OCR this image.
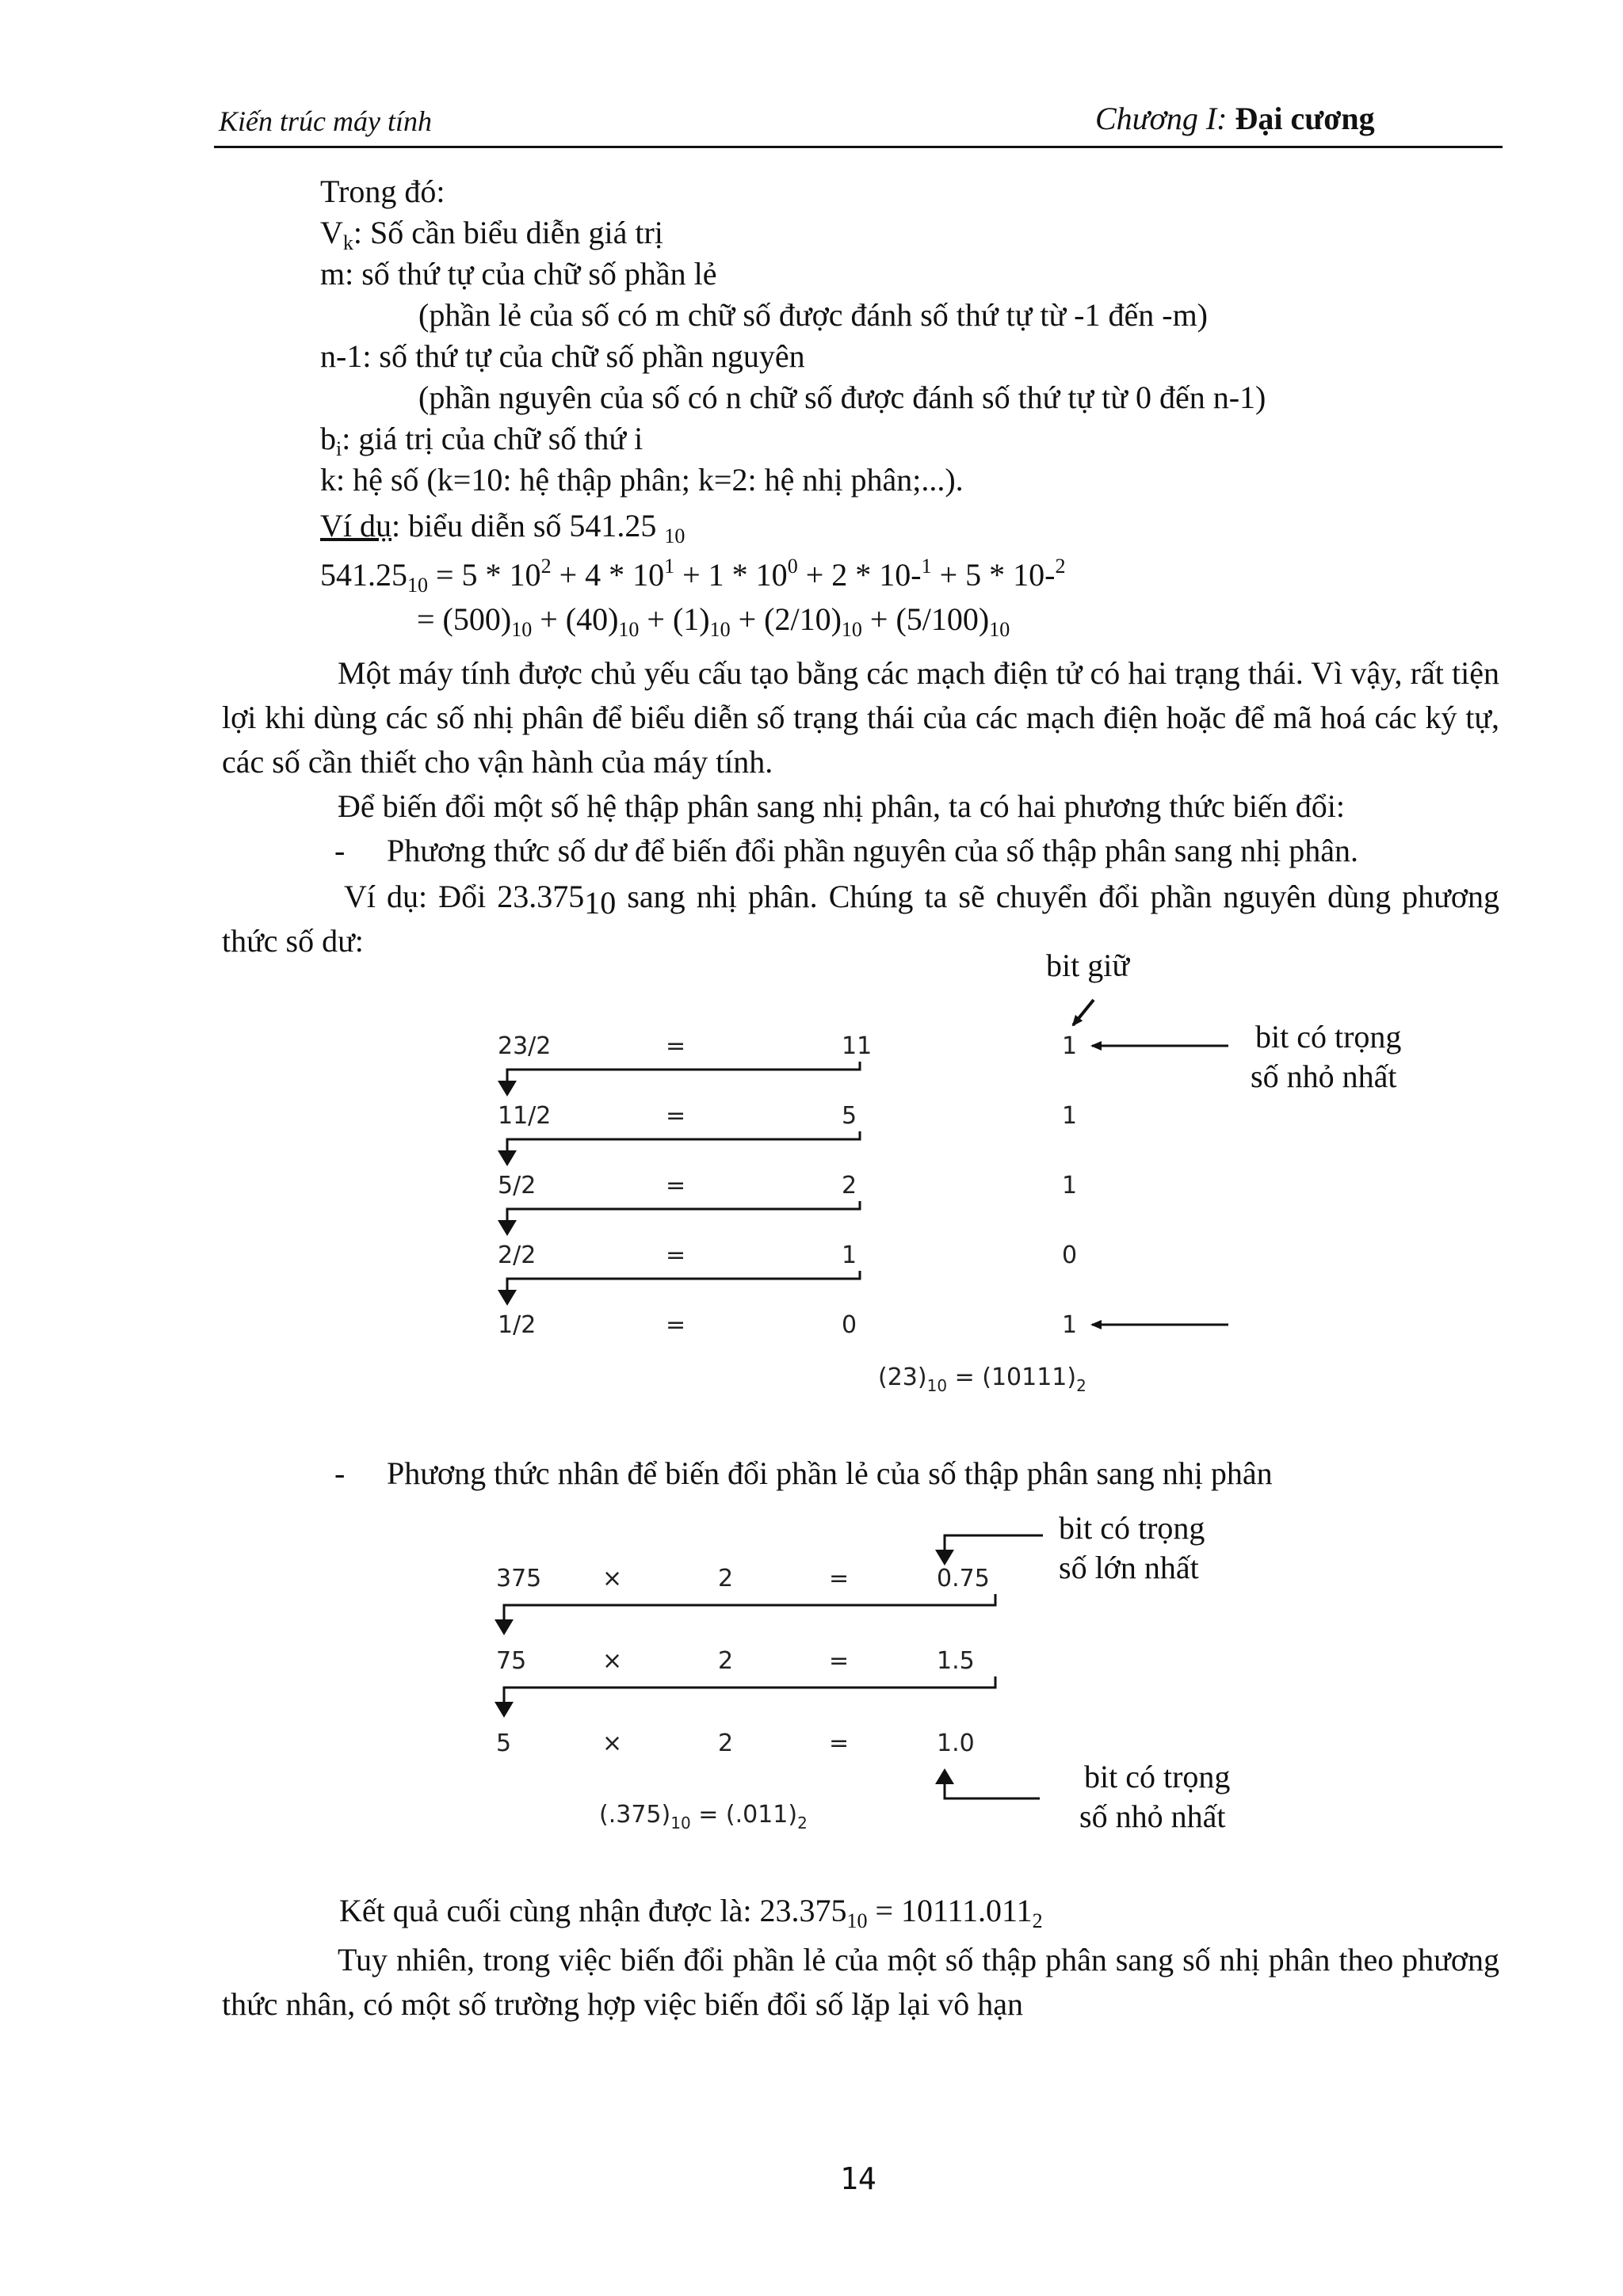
Kiến trúc máy tính	Chương I: Đại cương
Trong đó:
$V_k$: Số cần biểu diễn giá trị
m: số thứ tự của chữ số phần lẻ
(phần lẻ của số có m chữ số được đánh số thứ tự từ -1 đến -m)
n-1: số thứ tự của chữ số phần nguyên
(phần nguyên của số có n chữ số được đánh số thứ tự từ 0 đến n-1)
$b_i$: giá trị của chữ số thứ i
k: hệ số (k=10: hệ thập phân; k=2: hệ nhị phân;...).
Ví dụ: biểu diễn số 541.25 $_{10}$
$541.25_{10} = 5 * 10^2 + 4 * 10^1 + 1 * 10^0 + 2 * 10-^1 + 5 * 10-^2$
= $(500)_{10} + (40)_{10} + (1)_{10} + (2/10)_{10} + (5/100)_{10}$
Một máy tính được chủ yếu cấu tạo bằng các mạch điện tử có hai trạng thái. Vì vậy, rất tiện lợi khi dùng các số nhị phân để biểu diễn số trạng thái của các mạch điện hoặc để mã hoá các ký tự, các số cần thiết cho vận hành của máy tính.
Để biến đổi một số hệ thập phân sang nhị phân, ta có hai phương thức biến đổi:
- Phương thức số dư để biến đổi phần nguyên của số thập phân sang nhị phân.
Ví dụ: Đổi $23.375_{10}$ sang nhị phân. Chúng ta sẽ chuyển đổi phần nguyên dùng phương thức số dư:
23/2	=	11	1
11/2	=	5	1
5/2	=	2	1
2/2	=	1	0
1/2	=	0	1
bit giữ
bit có trọng
số nhỏ nhất
$(23)_{10} = (10111)_2$
- Phương thức nhân để biến đổi phần lẻ của số thập phân sang nhị phân
375	×	2	=	0.75
75	×	2	=	1.5
5	×	2	=	1.0
bit có trọng
số lớn nhất
bit có trọng
số nhỏ nhất
$(.375)_{10} = (.011)_2$
Kết quả cuối cùng nhận được là: $23.375_{10} = 10111.011_2$
Tuy nhiên, trong việc biến đổi phần lẻ của một số thập phân sang số nhị phân theo phương thức nhân, có một số trường hợp việc biến đổi số lặp lại vô hạn
14
